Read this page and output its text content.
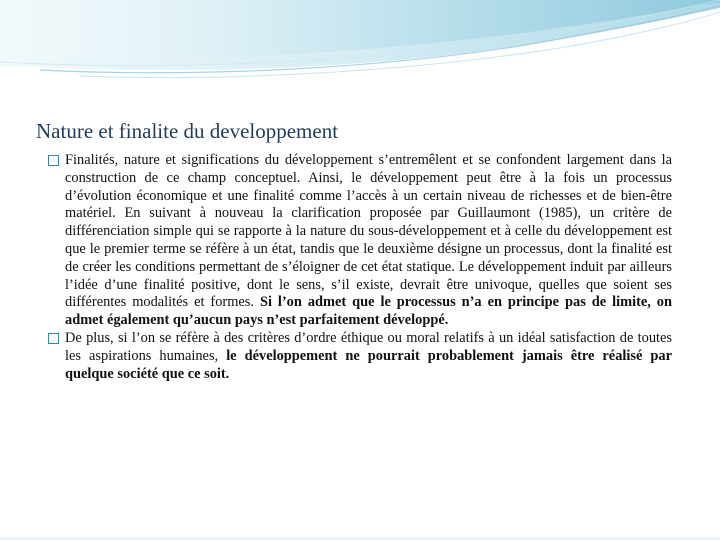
Nature et finalite du developpement
Finalités, nature et significations du développement s’entremêlent et se confondent largement dans la construction de ce champ conceptuel. Ainsi, le développement peut être à la fois un processus d’évolution économique et une finalité comme l’accès à un certain niveau de richesses et de bien-être matériel. En suivant à nouveau la clarification proposée par Guillaumont (1985), un critère de différenciation simple qui se rapporte à la nature du sous-développement et à celle du développement est que le premier terme se réfère à un état, tandis que le deuxième désigne un processus, dont la finalité est de créer les conditions permettant de s’éloigner de cet état statique. Le développement induit par ailleurs l’idée d’une finalité positive, dont le sens, s’il existe, devrait être univoque, quelles que soient ses différentes modalités et formes. Si l’on admet que le processus n’a en principe pas de limite, on admet également qu’aucun pays n’est parfaitement développé.
De plus, si l’on se réfère à des critères d’ordre éthique ou moral relatifs à un idéal satisfaction de toutes les aspirations humaines, le développement ne pourrait probablement jamais être réalisé par quelque société que ce soit.
